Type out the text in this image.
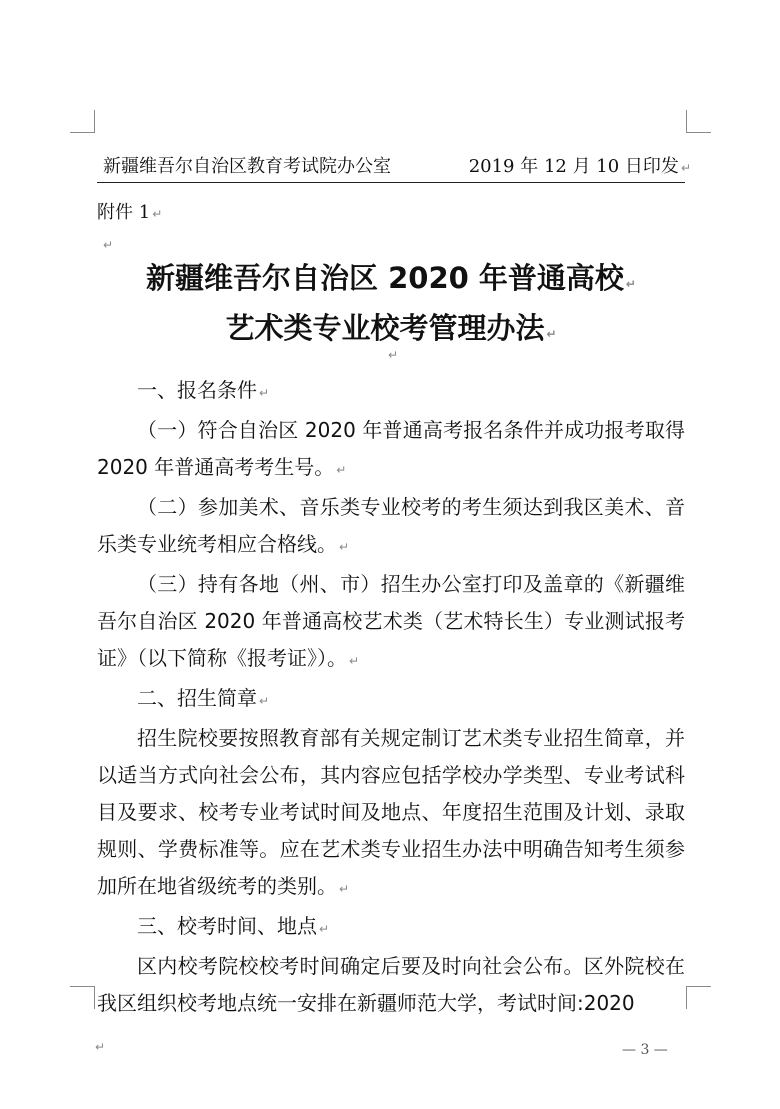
新疆维吾尔自治区教育考试院办公室	2019 年 12 月 10 日印发 ↵
附件 1 ↵
↵
新疆维吾尔自治区 2020 年普通高校 ↵
艺术类专业校考管理办法 ↵
↵

一、报名条件 ↵

（一）符合自治区 2020 年普通高考报名条件并成功报考取得 2020 年普通高考考生号。 ↵

（二）参加美术、音乐类专业校考的考生须达到我区美术、音乐类专业统考相应合格线。 ↵

（三）持有各地（州、市）招生办公室打印及盖章的《新疆维吾尔自治区 2020 年普通高校艺术类（艺术特长生）专业测试报考证》（以下简称《报考证》）。 ↵

二、招生简章 ↵

招生院校要按照教育部有关规定制订艺术类专业招生简章，并以适当方式向社会公布，其内容应包括学校办学类型、专业考试科目及要求、校考专业考试时间及地点、年度招生范围及计划、录取规则、学费标准等。应在艺术类专业招生办法中明确告知考生须参加所在地省级统考的类别。 ↵

三、校考时间、地点 ↵

区内校考院校校考时间确定后要及时向社会公布。区外院校在我区组织校考地点统一安排在新疆师范大学，考试时间:2020

↵	— 3 —
